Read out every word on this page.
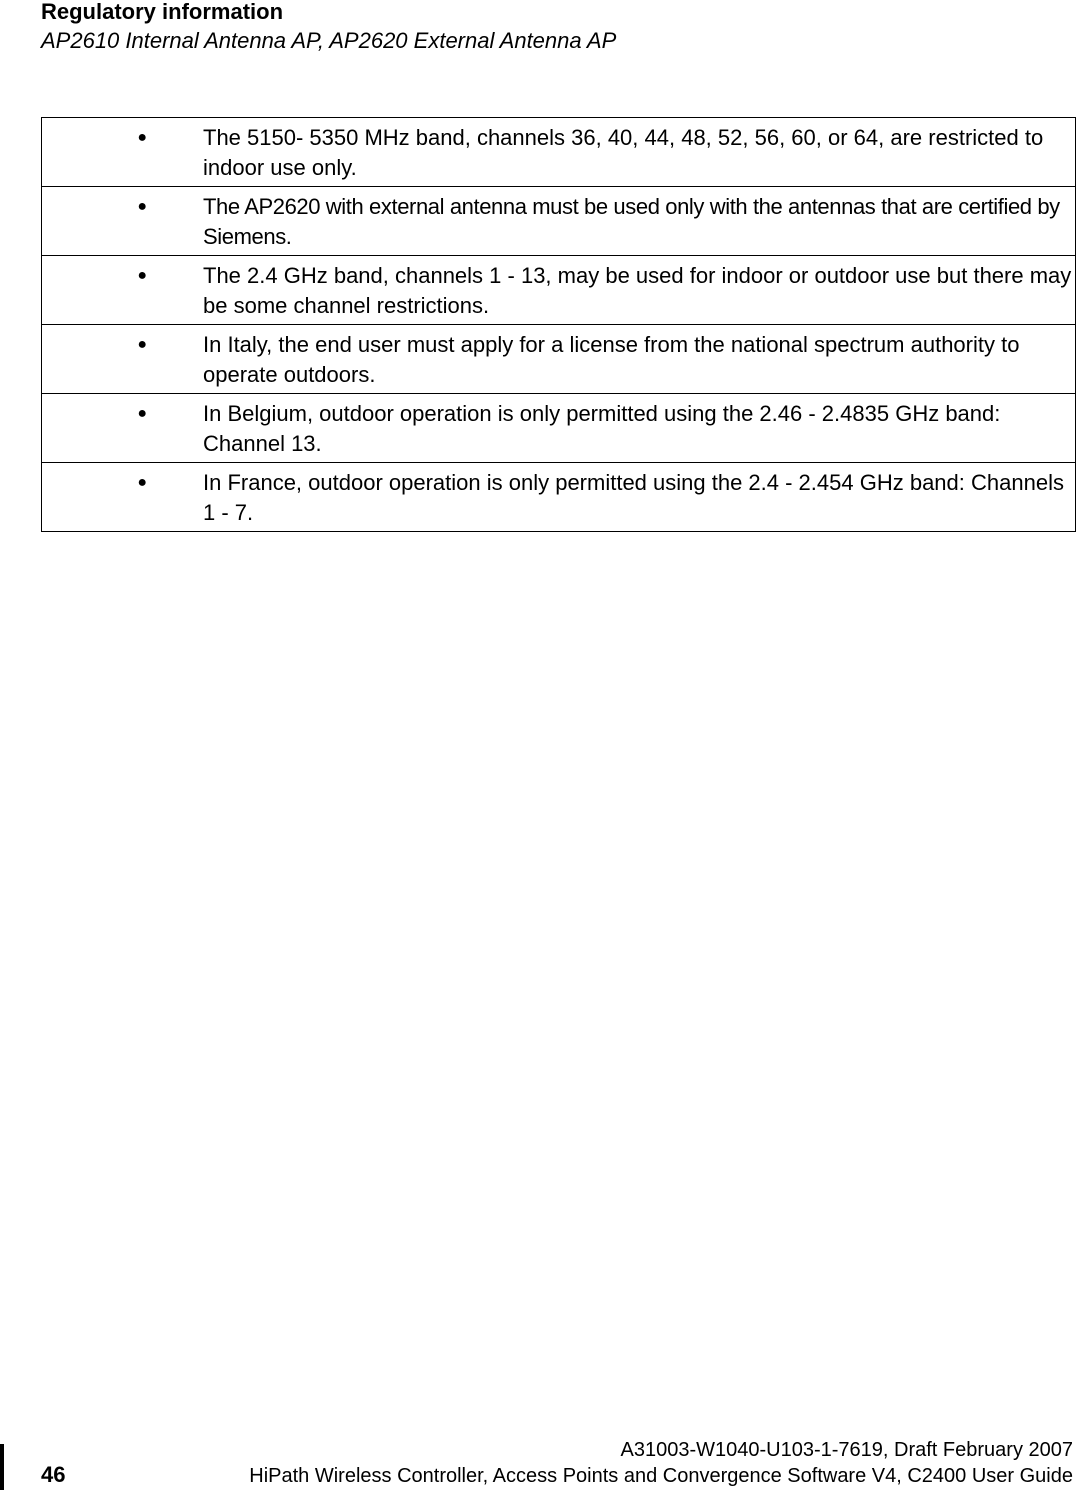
Regulatory information
AP2610 Internal Antenna AP, AP2620 External Antenna AP

	●	The 5150- 5350 MHz band, channels 36, 40, 44, 48, 52, 56, 60, or 64, are restricted to indoor use only.

	●	The AP2620 with external antenna must be used only with the antennas that are certified by Siemens.

	●	The 2.4 GHz band, channels 1 - 13, may be used for indoor or outdoor use but there may be some channel restrictions.

	●	In Italy, the end user must apply for a license from the national spectrum authority to operate outdoors.

	●	In Belgium, outdoor operation is only permitted using the 2.46 - 2.4835 GHz band: Channel 13.

	●	In France, outdoor operation is only permitted using the 2.4 - 2.454 GHz band: Channels 1 - 7.
A31003-W1040-U103-1-7619, Draft February 2007
46	HiPath Wireless Controller, Access Points and Convergence Software V4, C2400 User Guide
